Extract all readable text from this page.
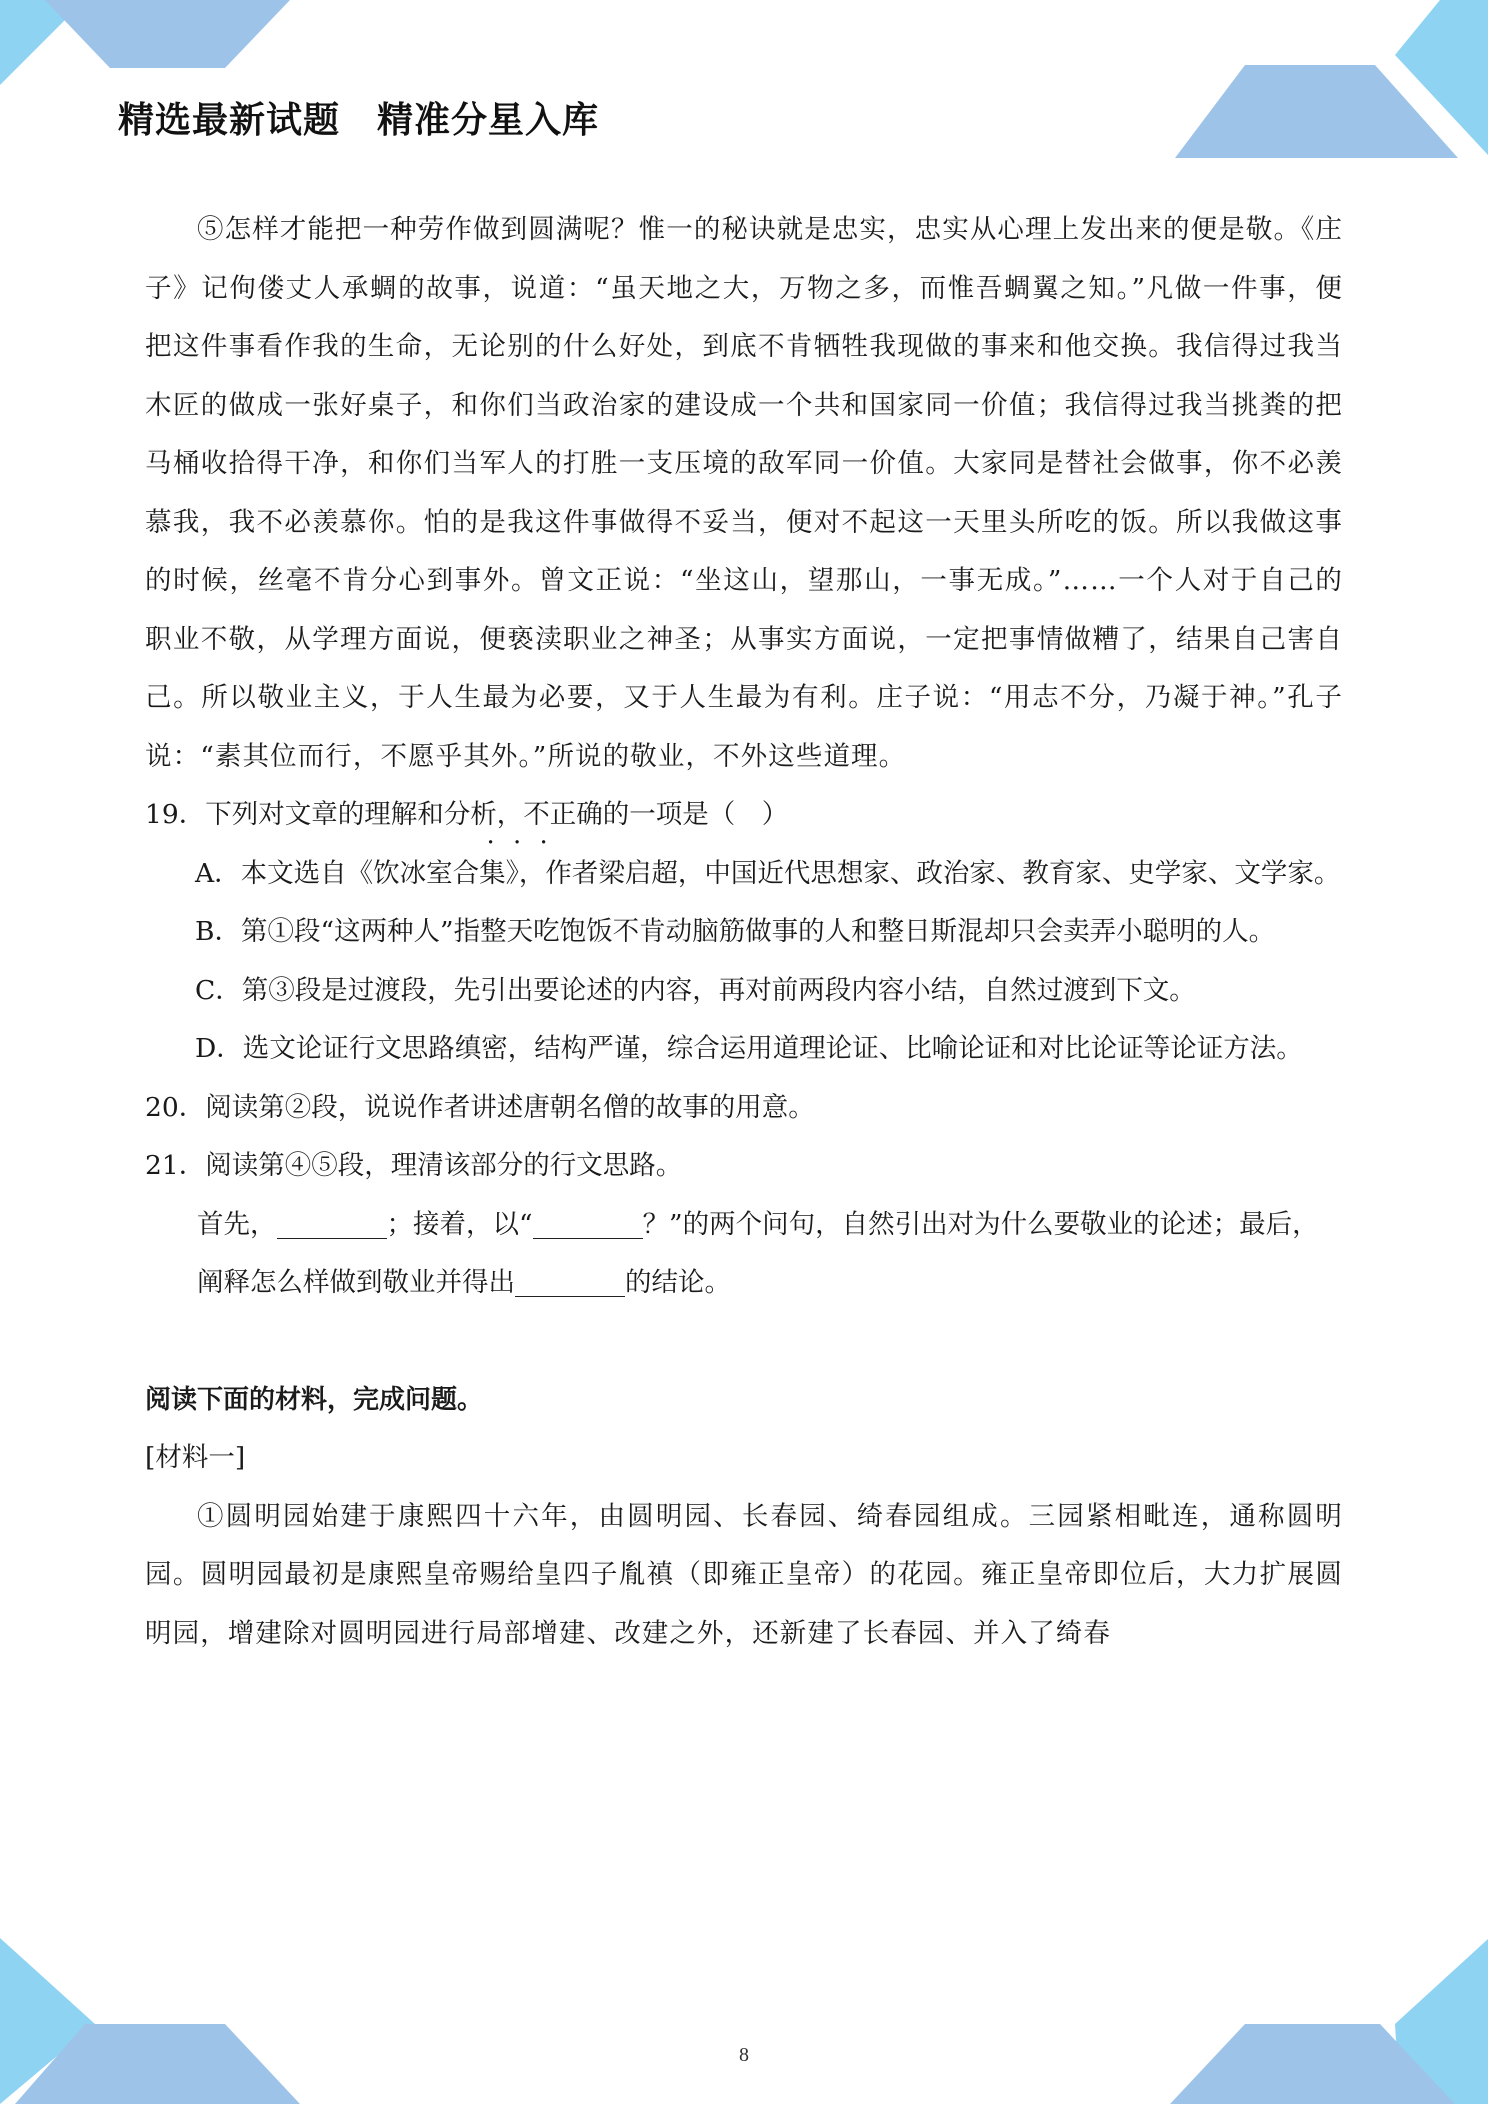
精选最新试题　精准分星入库

⑤怎样才能把一种劳作做到圆满呢？惟一的秘诀就是忠实，忠实从心理上发出来的便是敬。《庄子》记佝偻丈人承蜩的故事，说道：“虽天地之大，万物之多，而惟吾蜩翼之知。”凡做一件事，便把这件事看作我的生命，无论别的什么好处，到底不肯牺牲我现做的事来和他交换。我信得过我当木匠的做成一张好桌子，和你们当政治家的建设成一个共和国家同一价值；我信得过我当挑粪的把马桶收拾得干净，和你们当军人的打胜一支压境的敌军同一价值。大家同是替社会做事，你不必羡慕我，我不必羡慕你。怕的是我这件事做得不妥当，便对不起这一天里头所吃的饭。所以我做这事的时候，丝毫不肯分心到事外。曾文正说：“坐这山，望那山，一事无成。”……一个人对于自己的职业不敬，从学理方面说，便亵渎职业之神圣；从事实方面说，一定把事情做糟了，结果自己害自己。所以敬业主义，于人生最为必要，又于人生最为有利。庄子说：“用志不分，乃凝于神。”孔子说：“素其位而行，不愿乎其外。”所说的敬业，不外这些道理。

19．下列对文章的理解和分析，不正确的一项是（　）

A．本文选自《饮冰室合集》，作者梁启超，中国近代思想家、政治家、教育家、史学家、文学家。

B．第①段“这两种人”指整天吃饱饭不肯动脑筋做事的人和整日斯混却只会卖弄小聪明的人。

C．第③段是过渡段，先引出要论述的内容，再对前两段内容小结，自然过渡到下文。

D．选文论证行文思路缜密，结构严谨，综合运用道理论证、比喻论证和对比论证等论证方法。

20．阅读第②段，说说作者讲述唐朝名僧的故事的用意。

21．阅读第④⑤段，理清该部分的行文思路。

首先，	；接着，以“	？”的两个问句，自然引出对为什么要敬业的论述；最后，阐释怎么样做到敬业并得出	的结论。

阅读下面的材料，完成问题。

[材料一]

①圆明园始建于康熙四十六年，由圆明园、长春园、绮春园组成。三园紧相毗连，通称圆明园。圆明园最初是康熙皇帝赐给皇四子胤禛（即雍正皇帝）的花园。雍正皇帝即位后，大力扩展圆明园，增建除对圆明园进行局部增建、改建之外，还新建了长春园、并入了绮春

8
